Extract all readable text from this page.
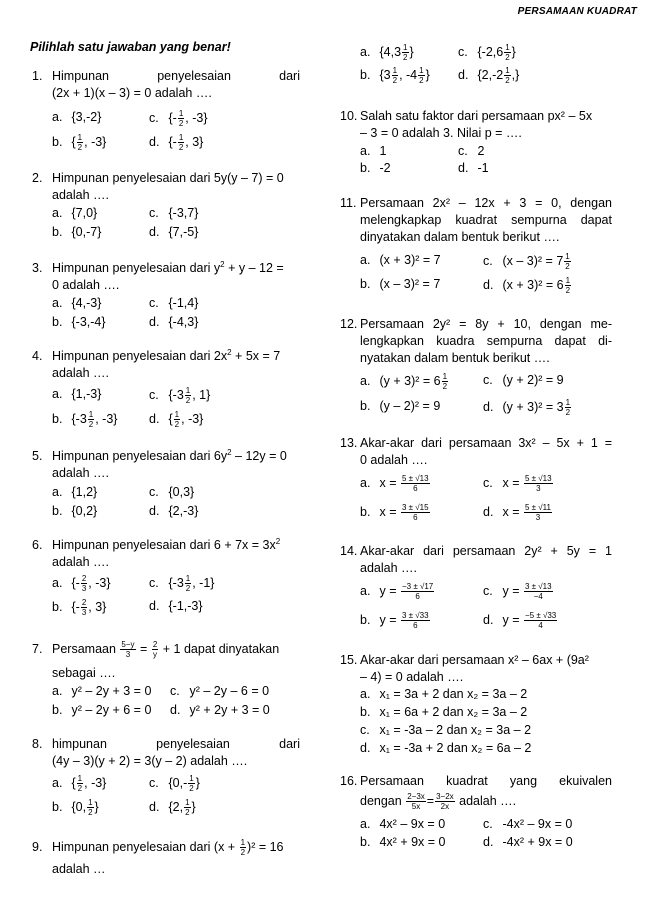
PERSAMAAN KUADRAT
Pilihlah satu jawaban yang benar!
1. Himpunan penyelesaian dari
(2x + 1)(x – 3) = 0 adalah ….
a. {3,-2}	c. {- $\frac{1}{2}$ , -3}
b. { $\frac{1}{2}$ , -3}	d. {- $\frac{1}{2}$ , 3}
2. Himpunan penyelesaian dari 5y(y – 7) = 0
adalah ….
a. {7,0}	c. {-3,7}
b. {0,-7}	d. {7,-5}
3. Himpunan penyelesaian dari $y^2 + y - 12$ =
0 adalah ….
a. {4,-3}	c. {-1,4}
b. {-3,-4}	d. {-4,3}
4. Himpunan penyelesaian dari $2x^2 + 5x = 7$
adalah ….
a. {1,-3}	c. {$-3 \frac{1}{2}$ , 1}
b. {$-3 \frac{1}{2}$ , -3}	d. { $\frac{1}{2}$ , -3}
5. Himpunan penyelesaian dari $6y^2 - 12y = 0$
adalah ….
a. {1,2}	c. {0,3}
b. {0,2}	d. {2,-3}
6. Himpunan penyelesaian dari $6 + 7x = 3x^2$
adalah ….
a. {- $\frac{2}{3}$ , -3}	c. {$-3 \frac{1}{2}$ , -1}
b. {- $\frac{2}{3}$ , 3}	d. {-1,-3}
7. Persamaan $\frac{5-y}{3} = \frac{2}{y} + 1$ dapat dinyatakan
sebagai ….
a. y² – 2y + 3 = 0 c. y² – 2y – 6 = 0
b. y² – 2y + 6 = 0 d. y² + 2y + 3 = 0
8. himpunan penyelesaian dari
(4y – 3)(y + 2) = 3(y – 2) adalah ….
a. { $\frac{1}{2}$ , -3}	c. {$0,- \frac{1}{2}$ }
b. {0, $\frac{1}{2}$ }	d. {2, $\frac{1}{2}$ }
9. Himpunan penyelesaian dari $(x + \frac{1}{2} )^2 = 16$
adalah …
a. {$4,3 \frac{1}{2}$ }	c. {$-2,6 \frac{1}{2}$ }
b. {$3 \frac{1}{2}$ , $-4 \frac{1}{2}$ } d. {$2,-2 \frac{1}{2}$ ,}
10. Salah satu faktor dari persamaan px² – 5x
– 3 = 0 adalah 3. Nilai p = ….
a. 1	c. 2
b. -2	d. -1
11. Persamaan 2x² – 12x + 3 = 0, dengan
melengkapkap kuadrat sempurna dapat
dinyatakan dalam bentuk berikut ….
a. (x + 3)² = 7	c. $(x - 3)^2 = 7 \frac{1}{2}$
b. (x – 3)² = 7	d. $(x + 3)^2 = 6 \frac{1}{2}$
12. Persamaan 2y² = 8y + 10, dengan me-
lengkapkan kuadra sempurna dapat di-
nyatakan dalam bentuk berikut ….
a. $(y + 3)^2 = 6 \frac{1}{2}$	c. (y + 2)² = 9
b. (y – 2)² = 9	d. $(y + 3)^2 = 3 \frac{1}{2}$
13. Akar-akar dari persamaan 3x² – 5x + 1 =
0 adalah ….
a. $x = \frac{5 \pm √13}{6}$	c. $x = \frac{5 \pm √13}{3}$
b. $x = \frac{3 \pm √15}{6}$	d. $x = \frac{5 \pm √11}{3}$
14. Akar-akar dari persamaan 2y² + 5y = 1
adalah ….
a. $y = \frac{-3 \pm √17}{6}$	c. $y = \frac{3 \pm √13}{-4}$
b. $y = \frac{3 \pm √33}{6}$	d. $y = \frac{-5 \pm √33}{4}$
15. Akar-akar dari persamaan x² – 6ax + (9a²
– 4) = 0 adalah ….
a. x₁ = 3a + 2 dan x₂ = 3a – 2
b. x₁ = 6a + 2 dan x₂ = 3a – 2
c. x₁ = -3a – 2 dan x₂ = 3a – 2
d. x₁ = -3a + 2 dan x₂ = 6a – 2
16. Persamaan kuadrat yang ekuivalen
dengan $\frac{2-3x}{5x} = \frac{3-2x}{2x}$ adalah ….
a. 4x² – 9x = 0	c. -4x² – 9x = 0
b. 4x² + 9x = 0	d. -4x² + 9x = 0
